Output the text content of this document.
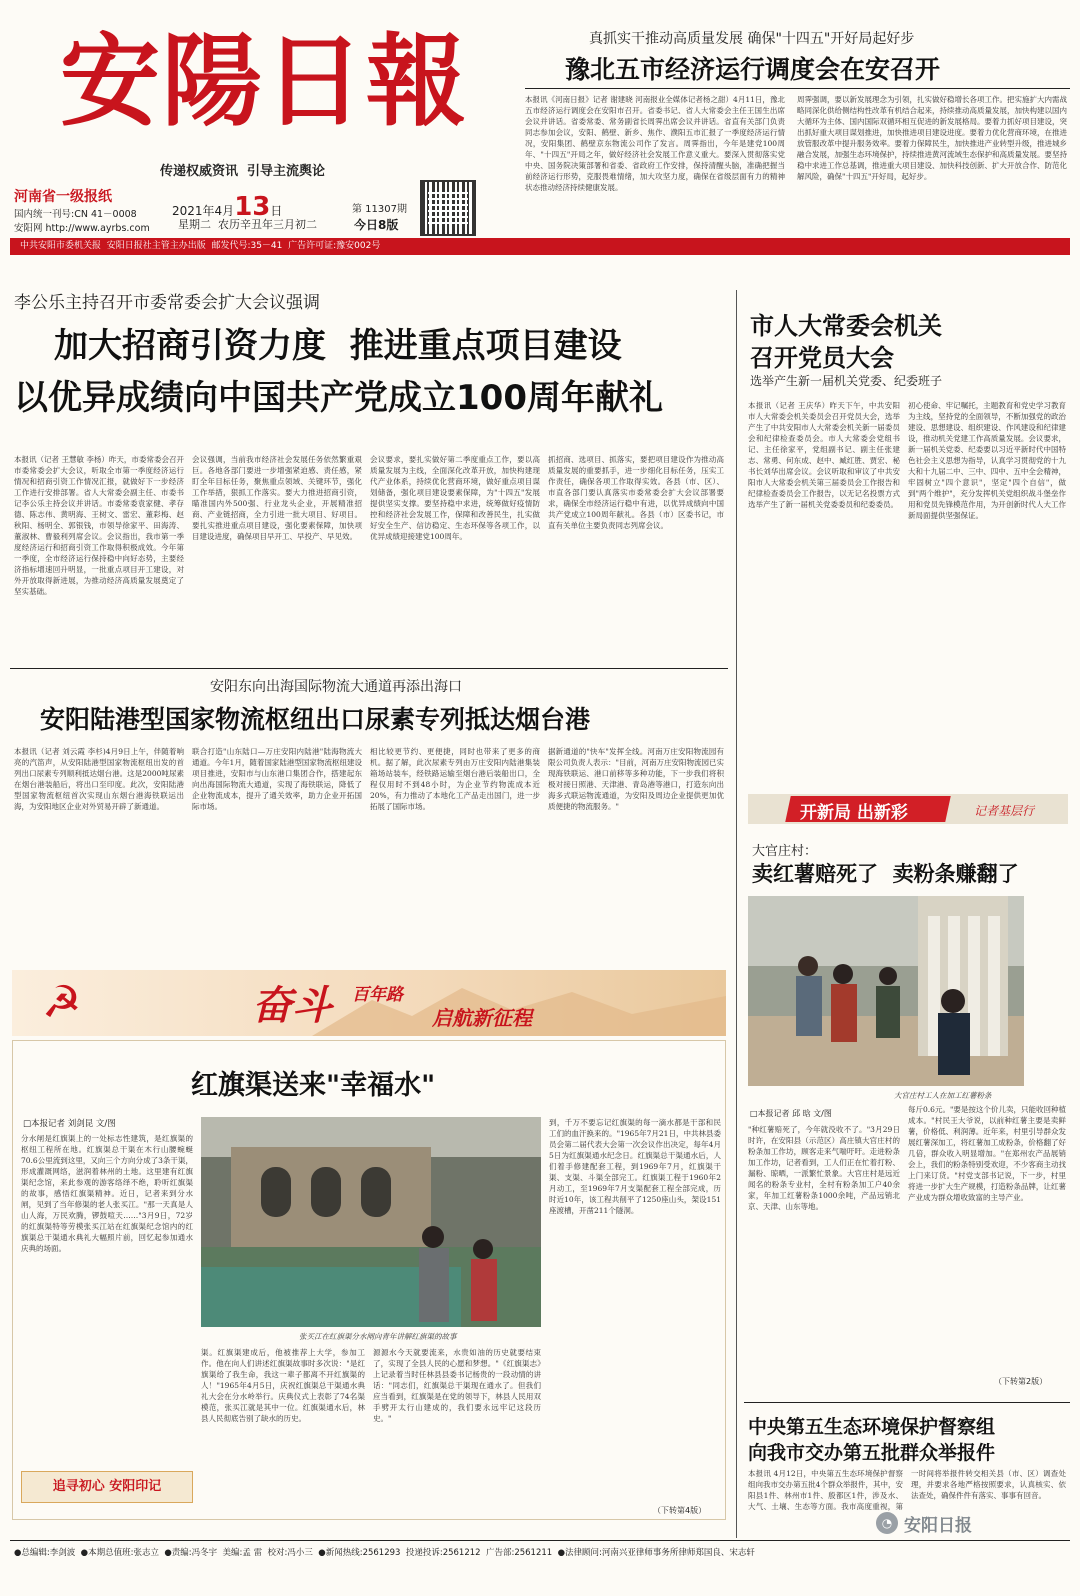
安陽日報
传递权威资讯  引导主流舆论
河南省一级报纸
国内统一刊号:CN 41－0008
安阳网 http://www.ayrbs.com
2021年4月13日
星期二  农历辛丑年三月初二
第 11307期
今日8版
中共安阳市委机关报  安阳日报社主管主办出版  邮发代号:35－41  广告许可证:豫安002号
真抓实干推动高质量发展 确保"十四五"开好局起好步
豫北五市经济运行调度会在安召开
本报讯《河南日报》记者 谢建晓 河南报业全媒体记者杨之甜）4月11日，豫北五市经济运行调度会在安阳市召开。省委书记、省人大常委会主任王国生出席会议并讲话。省委常委、常务副省长周霁出席会议并讲话。省直有关部门负责同志参加会议，安阳、鹤壁、新乡、焦作、濮阳五市汇报了一季度经济运行情况，安阳集团、鹤壁京东物流公司作了发言。周霁指出，今年是建党100周年、"十四五"开局之年，做好经济社会发展工作意义重大。要深入贯彻落实党中央、国务院决策部署和省委、省政府工作安排，保持清醒头脑，准确把握当前经济运行形势，克服畏难情绪，加大攻坚力度，确保在省级层面有力的精神状态推动经济持续健康发展。
周霁强调，要以新发展理念为引领，扎实做好稳增长各项工作。把实施扩大内需战略同深化供给侧结构性改革有机结合起来，持续推动高质量发展，加快构建以国内大循环为主体、国内国际双循环相互促进的新发展格局。要着力抓好项目建设，突出抓好重大项目谋划推进，加快推进项目建设进度。要着力优化营商环境，在推进放管服改革中提升服务效率。要着力保障民生，加快推进产业转型升级，推进城乡融合发展，加强生态环境保护，持续推进黄河流域生态保护和高质量发展。要坚持稳中求进工作总基调，推进重大项目建设、加快科技创新、扩大开放合作、防范化解风险，确保"十四五"开好局，起好步。
李公乐主持召开市委常委会扩大会议强调
加大招商引资力度  推进重点项目建设
以优异成绩向中国共产党成立100周年献礼
本报讯（记者 王慧敏 李杨）昨天，市委常委会召开市委常委会扩大会议，听取全市第一季度经济运行情况和招商引资工作情况汇报，就做好下一步经济工作进行安排部署。省人大常委会副主任、市委书记李公乐主持会议并讲话。市委常委袁家健、孝存德、陈志伟、黄明海、王树文、雷宏、董彩梅、赵秋阳、杨明全、郭银钱，市领导徐家平、田海涛、董淑林、曹毅利列席会议。会议指出，我市第一季度经济运行和招商引资工作取得积极成效。今年第一季度，全市经济运行保持稳中向好态势，主要经济指标增速回升明显，一批重点项目开工建设，对外开放取得新进展，为推动经济高质量发展奠定了坚实基础。
会议强调，当前我市经济社会发展任务依然繁重艰巨。各地各部门要进一步增强紧迫感、责任感，紧盯全年目标任务，聚焦重点领域、关键环节，强化工作举措，狠抓工作落实。要大力推进招商引资，瞄准国内外500强、行业龙头企业，开展精准招商、产业链招商，全力引进一批大项目、好项目。要扎实推进重点项目建设，强化要素保障，加快项目建设进度，确保项目早开工、早投产、早见效。
会议要求，要扎实做好第二季度重点工作，要以高质量发展为主线，全面深化改革开放，加快构建现代产业体系，持续优化营商环境，做好重点项目谋划储备，强化项目建设要素保障，为"十四五"发展提供坚实支撑。要坚持稳中求进，统筹做好疫情防控和经济社会发展工作，保障和改善民生，扎实做好安全生产、信访稳定、生态环保等各项工作，以优异成绩迎接建党100周年。
抓招商、选项目、抓落实，要把项目建设作为推动高质量发展的重要抓手，进一步细化目标任务，压实工作责任，确保各项工作取得实效。各县（市、区）、市直各部门要认真落实市委常委会扩大会议部署要求，确保全市经济运行稳中有进，以优异成绩向中国共产党成立100周年献礼。各县（市）区委书记，市直有关单位主要负责同志列席会议。
安阳东向出海国际物流大通道再添出海口
安阳陆港型国家物流枢纽出口尿素专列抵达烟台港
本报讯（记者 刘云霞 李杉)4月9日上午，伴随着响亮的汽笛声，从安阳陆港型国家物流枢纽出发的首列出口尿素专列顺利抵达烟台港。这是2000吨尿素在烟台港装船后，将出口至印度。此次，安阳陆港型国家物流枢纽首次实现山东烟台港海铁联运出海，为安阳地区企业对外贸易开辟了新通道。
联合打造"山东陆口—万庄安阳内陆港"陆海物流大通道。今年1月，随着国家陆港型国家物流枢纽建设项目推进，安阳市与山东港口集团合作，搭建起东向出海国际物流大通道，实现了海铁联运，降低了企业物流成本，提升了通关效率，助力企业开拓国际市场。
相比较更节约、更便捷，同时也带来了更多的商机。据了解，此次尿素专列由万庄安阳内陆港集装箱场站装车，经铁路运输至烟台港后装船出口，全程仅用时不到48小时，为企业节约物流成本近20%，有力推动了本地化工产品走出国门，进一步拓展了国际市场。
据新通道的"快车"发挥全线。河南万庄安阳物流园有限公司负责人表示："目前，河南万庄安阳物流园已实现海铁联运、港口前移等多种功能，下一步我们将积极对接日照港、天津港、青岛港等港口，打造东向出海多式联运物流通道，为安阳及周边企业提供更加优质便捷的物流服务。"
市人大常委会机关
召开党员大会
选举产生新一届机关党委、纪委班子
本报讯（记者 王庆华）昨天下午，中共安阳市人大常委会机关委员会召开党员大会，选举产生了中共安阳市人大常委会机关新一届委员会和纪律检查委员会。市人大常委会党组书记、主任徐家平，党组副书记、副主任张建志、常勇、何东成、赵中、臧红胜、贾宏、秘书长刘华出席会议。会议听取和审议了中共安阳市人大常委会机关第三届委员会工作报告和纪律检查委员会工作报告，以无记名投票方式选举产生了新一届机关党委委员和纪委委员。
初心使命、牢记嘱托，主题教育和党史学习教育为主线，坚持党的全面领导，不断加强党的政治建设、思想建设、组织建设、作风建设和纪律建设，推动机关党建工作高质量发展。会议要求，新一届机关党委、纪委要以习近平新时代中国特色社会主义思想为指导，认真学习贯彻党的十九大和十九届二中、三中、四中、五中全会精神，牢固树立"四个意识"，坚定"四个自信"，做到"两个维护"，充分发挥机关党组织战斗堡垒作用和党员先锋模范作用，为开创新时代人大工作新局面提供坚强保证。
开新局 出新彩	记者基层行
大官庄村：
卖红薯赔死了  卖粉条赚翻了
大官庄村工人在加工红薯粉条
□本报记者 邱 晗 文/图
"种红薯赔死了，今年就没收不了。"3月29日时许，在安阳县（示范区）高庄镇大官庄村的粉条加工作坊，顾客走来气喘吁吁。走进粉条加工作坊，记者看到，工人们正在忙着打粉、漏粉、晾晒，一派繁忙景象。大官庄村是远近闻名的粉条专业村，全村有粉条加工户40余家，年加工红薯粉条1000余吨，产品远销北京、天津、山东等地。
每斤0.6元。"要是按这个价儿卖，只能收回种植成本。"村民王大爷说，以前种红薯主要是卖鲜薯，价格低、利润薄。近年来，村里引导群众发展红薯深加工，将红薯加工成粉条，价格翻了好几倍，群众收入明显增加。"在郑州农产品展销会上，我们的粉条特别受欢迎，不少客商主动找上门来订货。"村党支部书记说，下一步，村里将进一步扩大生产规模，打造粉条品牌，让红薯产业成为群众增收致富的主导产业。
（下转第2版）
☭	奋斗 百年路
启航新征程
红旗渠送来"幸福水"
□本报记者 刘剑昆 文/图
分水闸是红旗渠上的一处标志性建筑，是红旗渠的枢纽工程所在地。红旗渠总干渠在木行山腰蜿蜒70.6公里流到这里，又向三个方向分成了3条干渠，形成灌溉网络，滋润着林州的土地。这里建有红旗渠纪念馆，来此参观的游客络绎不绝，聆听红旗渠的故事，感悟红旗渠精神。近日，记者来到分水闸，见到了当年修渠的老人张买江。"那一天真是人山人海，万民欢腾，锣鼓喧天……"3月9日，72岁的红旗渠特等劳模张买江站在红旗渠纪念馆内的红旗渠总干渠通水典礼大幅照片前，回忆起参加通水庆典的场面。
张买江在红旗渠分水闸向青年讲解红旗渠的故事
到，千万不要忘记红旗渠的每一滴水都是干部和民工们的血汗换来的。"1965年7月21日，中共林县委员会第二届代表大会第一次会议作出决定，每年4月5日为红旗渠通水纪念日。红旗渠总干渠通水后，人们着手修建配套工程，到1969年7月，红旗渠干渠、支渠、斗渠全部完工。红旗渠工程于1960年2月动工，至1969年7月支渠配套工程全部完成，历时近10年，该工程共削平了1250座山头，架设151座渡槽，开凿211个隧洞。
渠。红旗渠建成后，他被推荐上大学，参加工作。他在向人们讲述红旗渠故事时多次说："是红旗渠给了我生命，我这一辈子都离不开红旗渠的人！"1965年4月5日，庆祝红旗渠总干渠通水典礼大会在分水岭举行。庆典仪式上表彰了74名渠模范，张买江就是其中一位。红旗渠通水后，林县人民彻底告别了缺水的历史。
源源水今天就要流来，水贵如油的历史就要结束了，实现了全县人民的心愿和梦想。"《红旗渠志》上记录着当时任林县县委书记杨贵的一段动情的讲话："同志们，红旗渠总干渠现在通水了。但我们应当看到，红旗渠是在党的领导下，林县人民用双手劈开太行山建成的，我们要永远牢记这段历史。"
（下转第4版）
追寻初心 安阳印记
中央第五生态环境保护督察组
向我市交办第五批群众举报件
本报讯 4月12日，中央第五生态环境保护督察组向我市交办第五批4个群众举报件，其中，安阳县1件、林州市1件、殷都区1件，涉及水、大气、土壤、生态等方面。我市高度重视，第一时间将举报件转交相关县（市、区）调查处理，并要求各地严格按照要求，认真核实、依法查处，确保件件有落实、事事有回音。
◔ 安阳日报
●总编辑:李剑波  ●本期总值班:张志立  ●责编:冯冬宇  美编:孟 雷  校对:冯小三  ●新闻热线:2561293  投递投诉:2561212  广告部:2561211  ●法律顾问:河南兴亚律师事务所律师郑国良、宋志轩
